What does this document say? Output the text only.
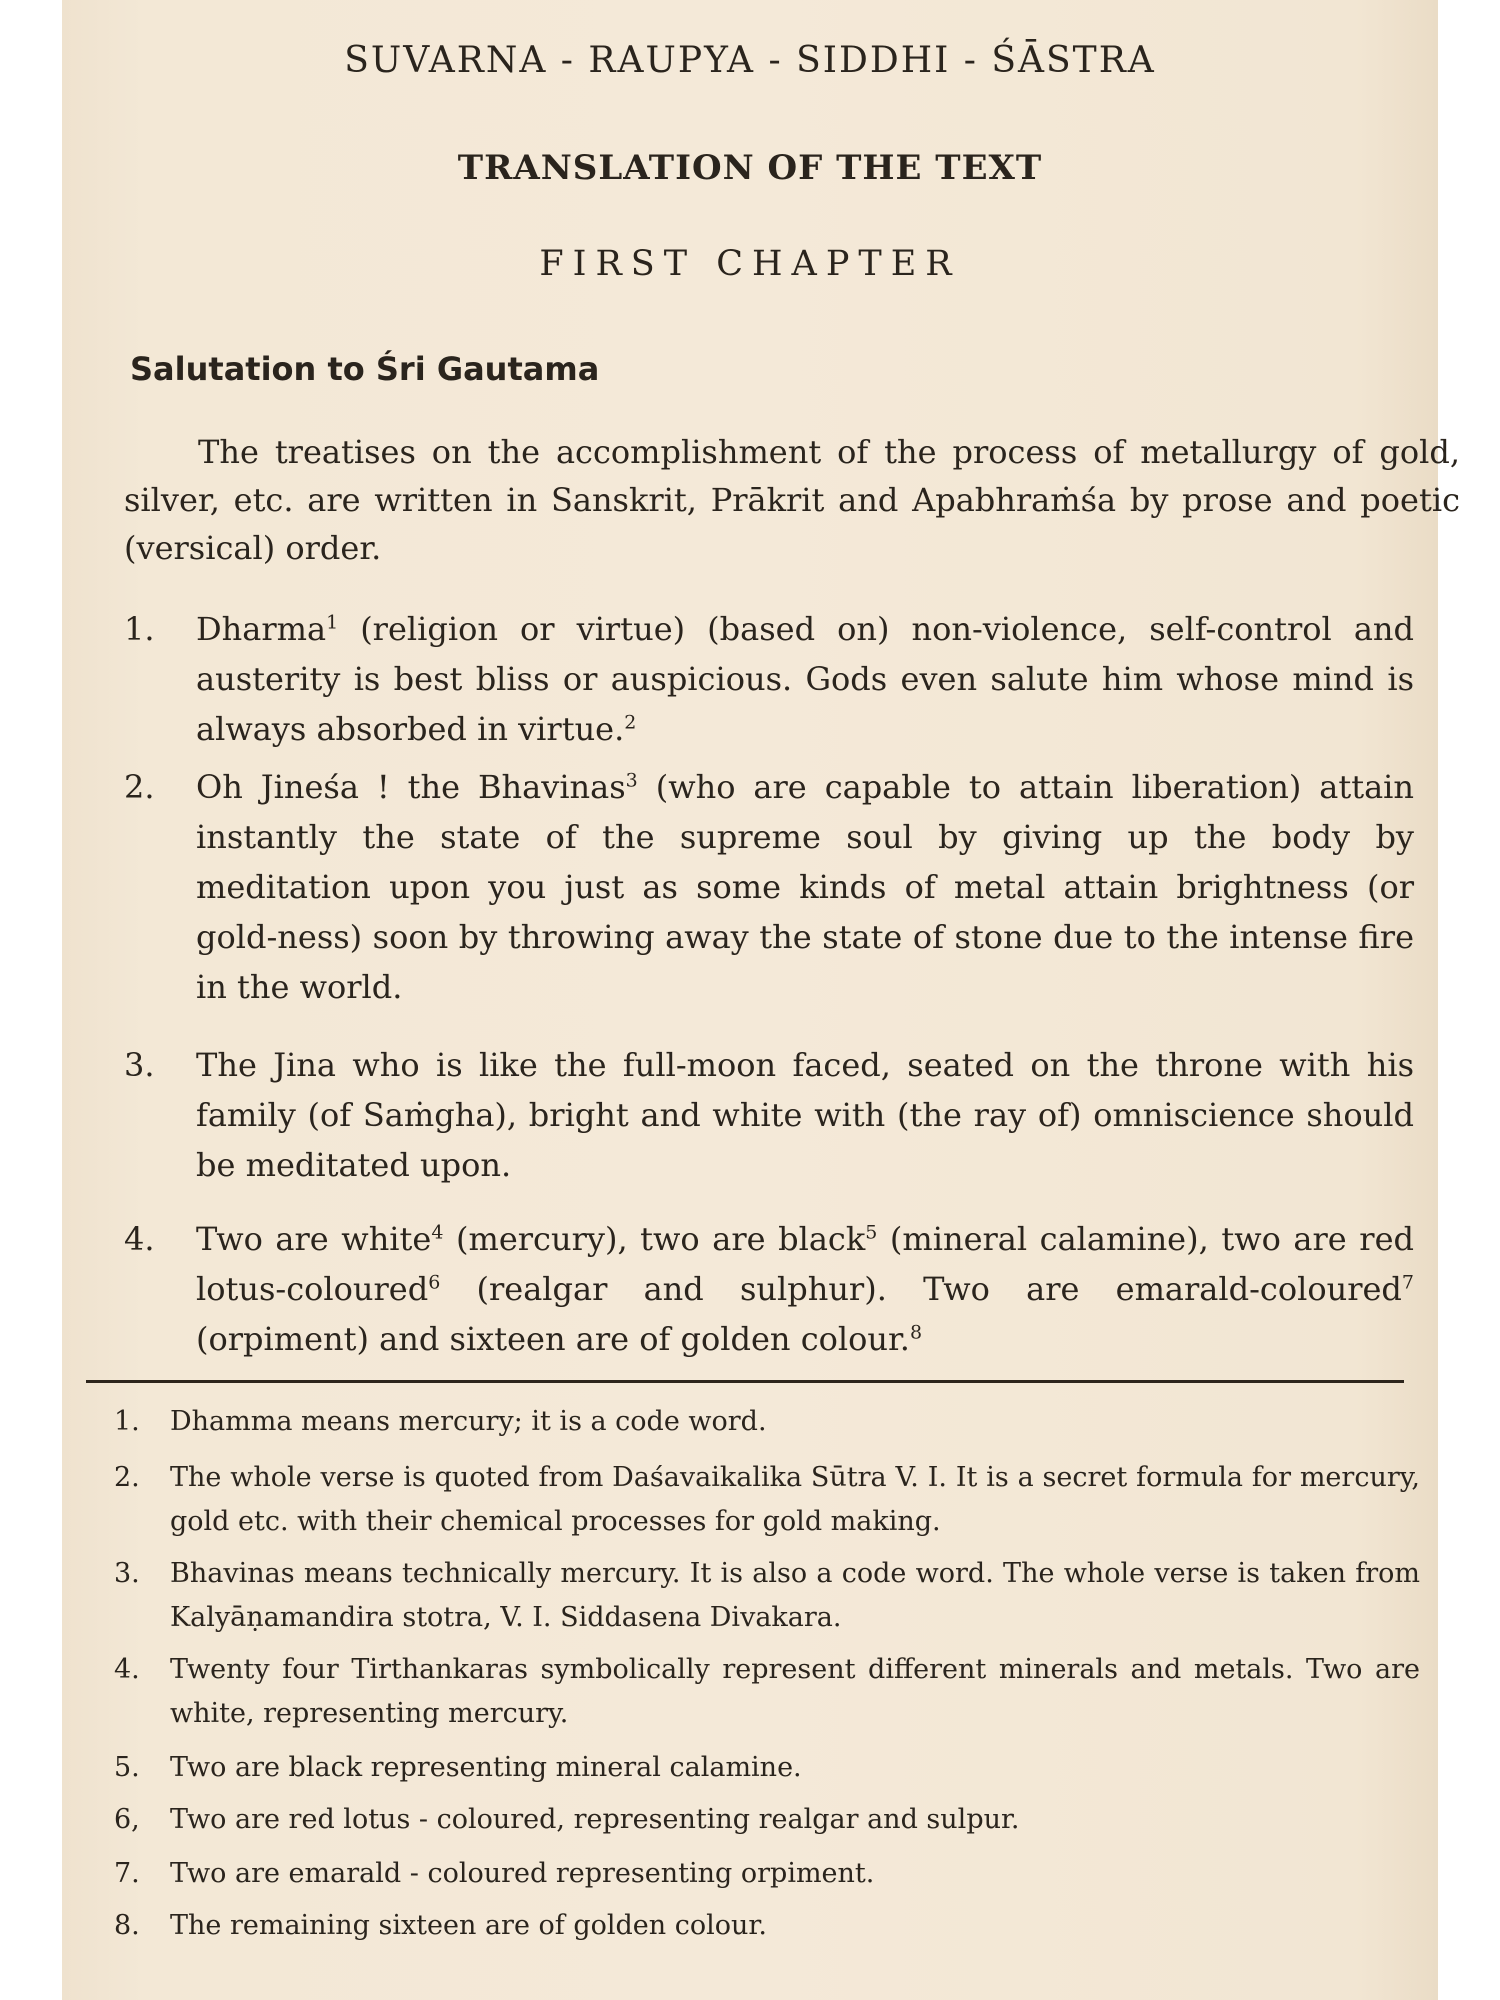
SUVARNA - RAUPYA - SIDDHI - ŚĀSTRA
TRANSLATION OF THE TEXT
FIRST CHAPTER
Salutation to Śri Gautama

The treatises on the accomplishment of the process of metallurgy of gold, silver, etc. are written in Sanskrit, Prākrit and Apabhraṁśa by prose and poetic (versical) order.

1. Dharma$^1$ (religion or virtue) (based on) non-violence, self-control and austerity is best bliss or auspicious. Gods even salute him whose mind is always absorbed in virtue.$^2$
2. Oh Jineśa ! the Bhavinas$^3$ (who are capable to attain liberation) attain instantly the state of the supreme soul by giving up the body by meditation upon you just as some kinds of metal attain brightness (or gold-ness) soon by throwing away the state of stone due to the intense fire in the world.
3. The Jina who is like the full-moon faced, seated on the throne with his family (of Saṁgha), bright and white with (the ray of) omniscience should be meditated upon.
4. Two are white$^4$ (mercury), two are black$^5$ (mineral calamine), two are red lotus-coloured$^6$ (realgar and sulphur). Two are emarald-coloured$^7$ (orpiment) and sixteen are of golden colour.$^8$
1. Dhamma means mercury; it is a code word.
2. The whole verse is quoted from Daśavaikalika Sūtra V. I. It is a secret formula for mercury, gold etc. with their chemical processes for gold making.
3. Bhavinas means technically mercury. It is also a code word. The whole verse is taken from Kalyāṇamandira stotra, V. I. Siddasena Divakara.
4. Twenty four Tirthankaras symbolically represent different minerals and metals. Two are white, representing mercury.
5. Two are black representing mineral calamine.
6, Two are red lotus - coloured, representing realgar and sulpur.
7. Two are emarald - coloured representing orpiment.
8. The remaining sixteen are of golden colour.
